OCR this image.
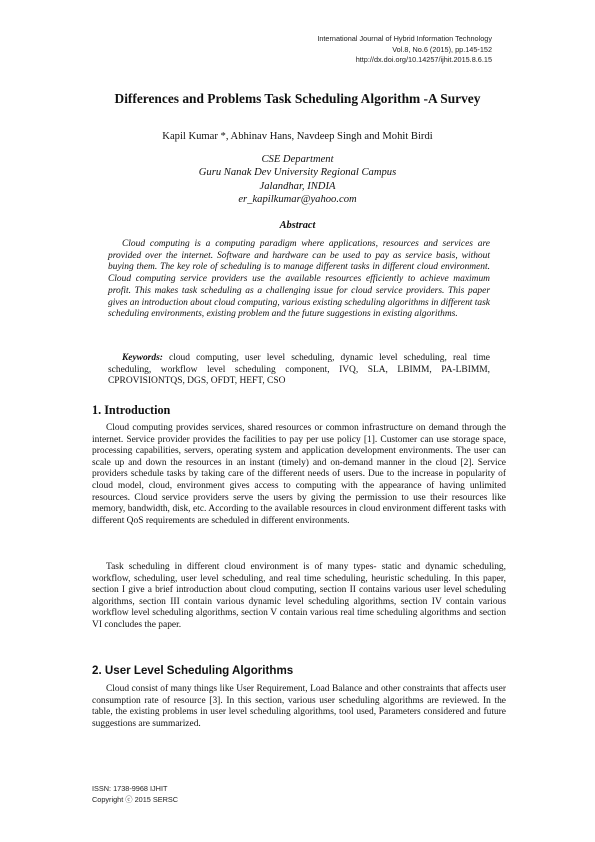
International Journal of Hybrid Information Technology
Vol.8, No.6 (2015), pp.145-152
http://dx.doi.org/10.14257/ijhit.2015.8.6.15
Differences and Problems Task Scheduling Algorithm -A Survey
Kapil Kumar *, Abhinav Hans, Navdeep Singh and Mohit Birdi
CSE Department
Guru Nanak Dev University Regional Campus
Jalandhar, INDIA
er_kapilkumar@yahoo.com
Abstract

Cloud computing is a computing paradigm where applications, resources and services are provided over the internet. Software and hardware can be used to pay as service basis, without buying them. The key role of scheduling is to manage different tasks in different cloud environment. Cloud computing service providers use the available resources efficiently to achieve maximum profit. This makes task scheduling as a challenging issue for cloud service providers. This paper gives an introduction about cloud computing, various existing scheduling algorithms in different task scheduling environments, existing problem and the future suggestions in existing algorithms.

Keywords: cloud computing, user level scheduling, dynamic level scheduling, real time scheduling, workflow level scheduling component, IVQ, SLA, LBIMM, PA-LBIMM, CPROVISIONTQS, DGS, OFDT, HEFT, CSO

1. Introduction

Cloud computing provides services, shared resources or common infrastructure on demand through the internet. Service provider provides the facilities to pay per use policy [1]. Customer can use storage space, processing capabilities, servers, operating system and application development environments. The user can scale up and down the resources in an instant (timely) and on-demand manner in the cloud [2]. Service providers schedule tasks by taking care of the different needs of users. Due to the increase in popularity of cloud model, cloud, environment gives access to computing with the appearance of having unlimited resources. Cloud service providers serve the users by giving the permission to use their resources like memory, bandwidth, disk, etc. According to the available resources in cloud environment different tasks with different QoS requirements are scheduled in different environments.

Task scheduling in different cloud environment is of many types- static and dynamic scheduling, workflow, scheduling, user level scheduling, and real time scheduling, heuristic scheduling. In this paper, section I give a brief introduction about cloud computing, section II contains various user level scheduling algorithms, section III contain various dynamic level scheduling algorithms, section IV contain various workflow level scheduling algorithms, section V contain various real time scheduling algorithms and section VI concludes the paper.

2. User Level Scheduling Algorithms

Cloud consist of many things like User Requirement, Load Balance and other constraints that affects user consumption rate of resource [3]. In this section, various user scheduling algorithms are reviewed. In the table, the existing problems in user level scheduling algorithms, tool used, Parameters considered and future suggestions are summarized.

ISSN: 1738-9968 IJHIT
Copyright ⓒ 2015 SERSC
